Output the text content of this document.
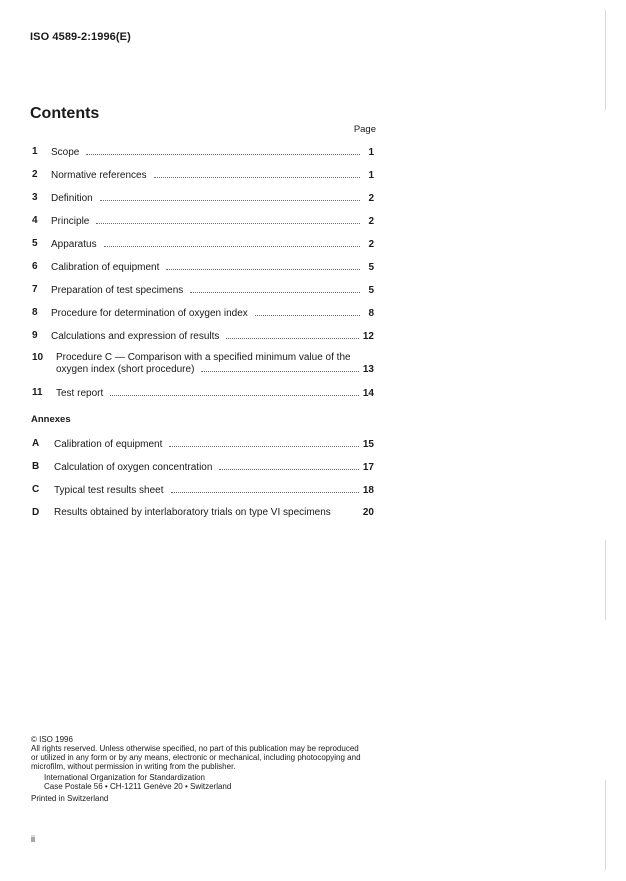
ISO 4589-2:1996(E)
Contents
Page
1 Scope	1
2 Normative references	1
3 Definition	2
4 Principle	2
5 Apparatus	2
6 Calibration of equipment	5
7 Preparation of test specimens	5
8 Procedure for determination of oxygen index	8
9 Calculations and expression of results	12
10 Procedure C — Comparison with a specified minimum value of the
oxygen index (short procedure)	13
11 Test report	14
Annexes
A Calibration of equipment	15
B Calculation of oxygen concentration	17
C Typical test results sheet	18
D Results obtained by interlaboratory trials on type VI specimens	20
© ISO 1996
All rights reserved. Unless otherwise specified, no part of this publication may be reproduced
or utilized in any form or by any means, electronic or mechanical, including photocopying and
microfilm, without permission in writing from the publisher.
International Organization for Standardization
Case Postale 56 • CH-1211 Genève 20 • Switzerland
Printed in Switzerland
ii
